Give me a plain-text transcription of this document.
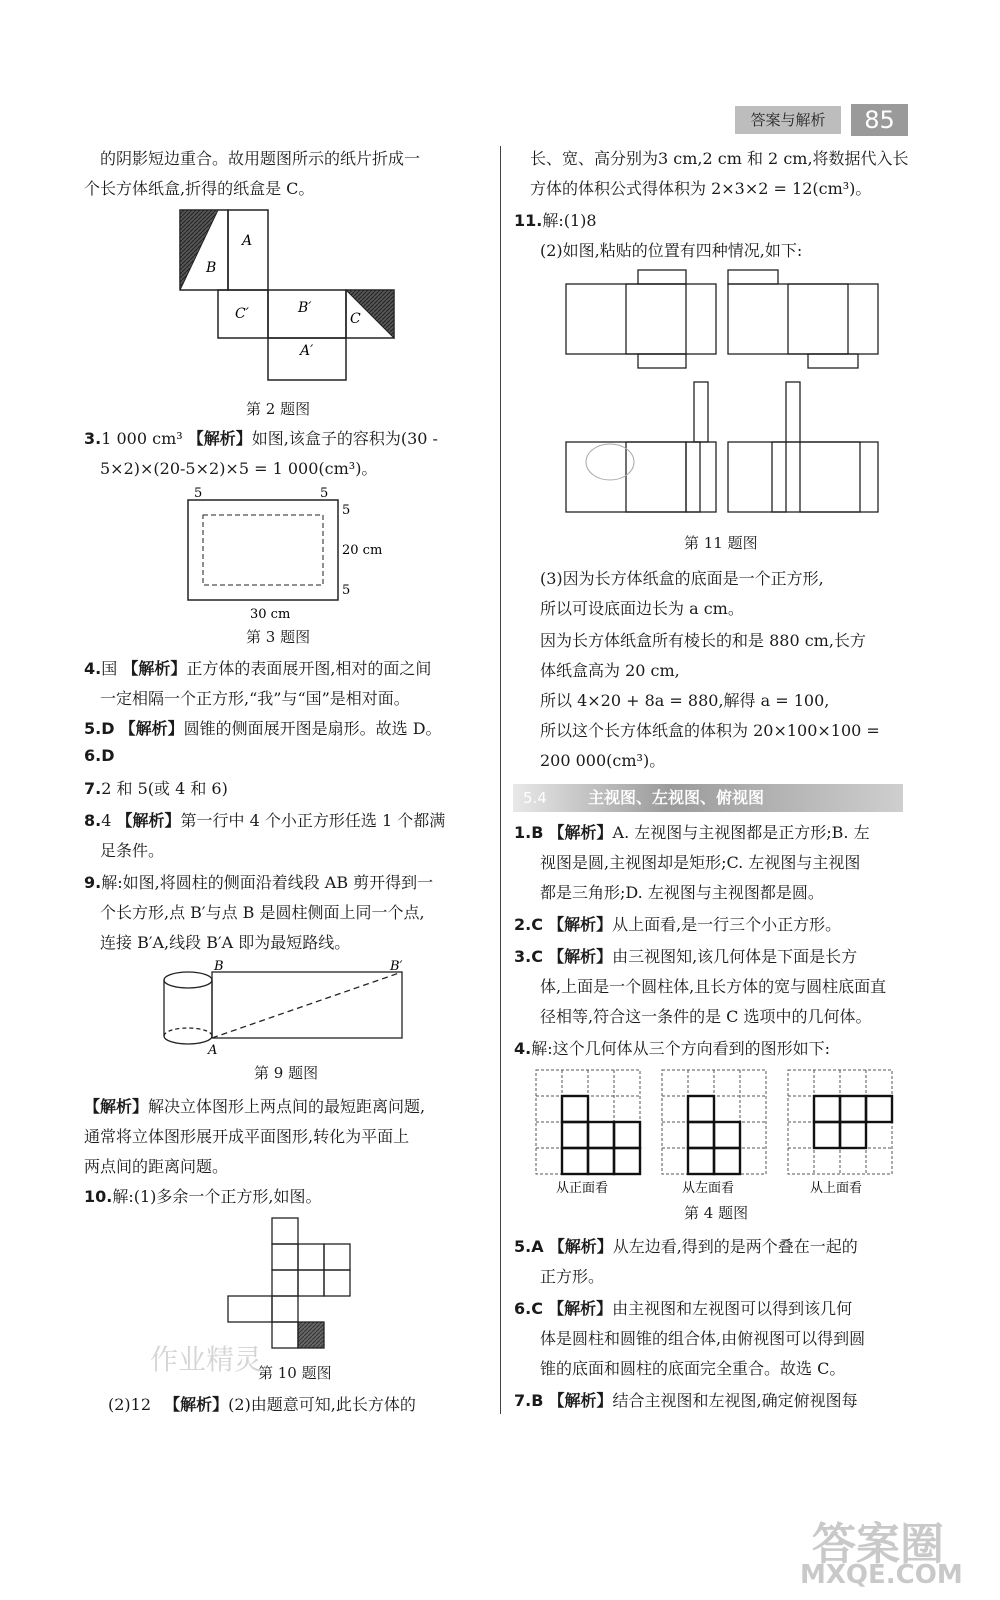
答案与解析	85
的阴影短边重合。故用题图所示的纸片折成一
个长方体纸盒,折得的纸盒是 C。
A
B
C′	B′
C
A′
第 2 题图
3.1 000 cm³ 【解析】如图,该盒子的容积为(30 -
5×2)×(20-5×2)×5 = 1 000(cm³)。
5	5
5
20 cm
5
30 cm
第 3 题图
4.国 【解析】正方体的表面展开图,相对的面之间
一定相隔一个正方形,“我”与“国”是相对面。
5.D 【解析】圆锥的侧面展开图是扇形。故选 D。
6.D
7.2 和 5(或 4 和 6)
8.4 【解析】第一行中 4 个小正方形任选 1 个都满
足条件。
9.解:如图,将圆柱的侧面沿着线段 AB 剪开得到一
个长方形,点 B′与点 B 是圆柱侧面上同一个点,
连接 B′A,线段 B′A 即为最短路线。
B	B′
A
第 9 题图
【解析】解决立体图形上两点间的最短距离问题,
通常将立体图形展开成平面图形,转化为平面上
两点间的距离问题。
10.解:(1)多余一个正方形,如图。
第 10 题图
(2)12 【解析】(2)由题意可知,此长方体的
长、宽、高分别为3 cm,2 cm 和 2 cm,将数据代入长
方体的体积公式得体积为 2×3×2 = 12(cm³)。
11.解:(1)8
(2)如图,粘贴的位置有四种情况,如下:
第 11 题图
(3)因为长方体纸盒的底面是一个正方形,
所以可设底面边长为 a cm。
因为长方体纸盒所有棱长的和是 880 cm,长方
体纸盒高为 20 cm,
所以 4×20 + 8a = 880,解得 a = 100,
所以这个长方体纸盒的体积为 20×100×100 =
200 000(cm³)。
5.4	主视图、左视图、俯视图
1.B 【解析】A. 左视图与主视图都是正方形;B. 左
视图是圆,主视图却是矩形;C. 左视图与主视图
都是三角形;D. 左视图与主视图都是圆。
2.C 【解析】从上面看,是一行三个小正方形。
3.C 【解析】由三视图知,该几何体是下面是长方
体,上面是一个圆柱体,且长方体的宽与圆柱底面直
径相等,符合这一条件的是 C 选项中的几何体。
4.解:这个几何体从三个方向看到的图形如下:
从正面看	从左面看	从上面看
第 4 题图
5.A 【解析】从左边看,得到的是两个叠在一起的
正方形。
6.C 【解析】由主视图和左视图可以得到该几何
体是圆柱和圆锥的组合体,由俯视图可以得到圆
锥的底面和圆柱的底面完全重合。故选 C。
7.B 【解析】结合主视图和左视图,确定俯视图每
作业精灵
答案圈
MXQE.COM
